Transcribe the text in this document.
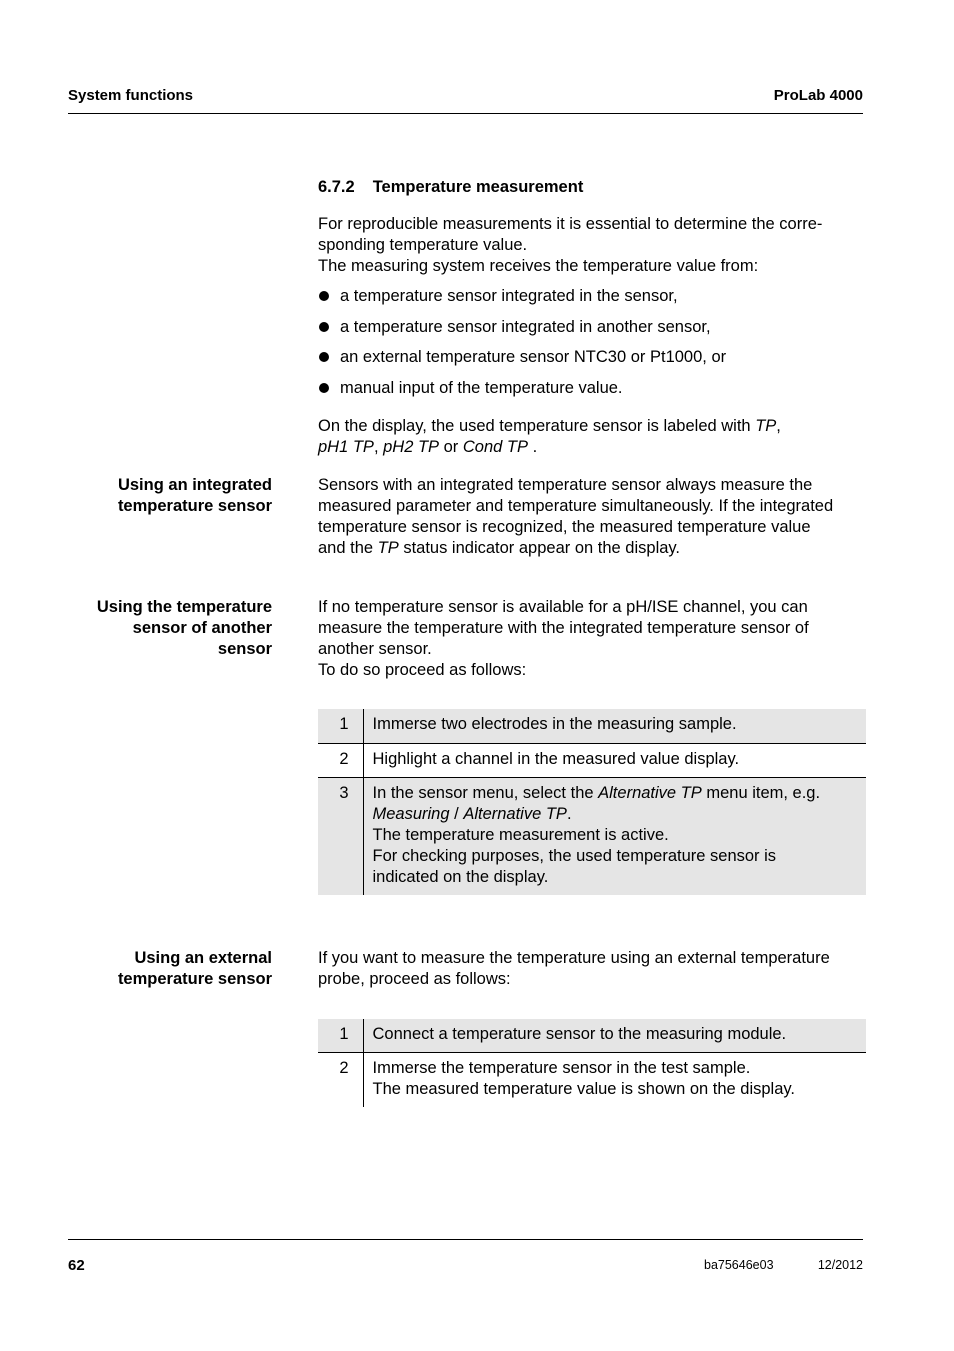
System functions	ProLab 4000
6.7.2 Temperature measurement
For reproducible measurements it is essential to determine the corre-
sponding temperature value.
The measuring system receives the temperature value from:
a temperature sensor integrated in the sensor,
a temperature sensor integrated in another sensor,
an external temperature sensor NTC30 or Pt1000, or
manual input of the temperature value.
On the display, the used temperature sensor is labeled with TP,
pH1 TP, pH2 TP or Cond TP .
Using an integrated
temperature sensor
Sensors with an integrated temperature sensor always measure the
measured parameter and temperature simultaneously. If the integrated
temperature sensor is recognized, the measured temperature value
and the TP status indicator appear on the display.
Using the temperature
sensor of another
sensor
If no temperature sensor is available for a pH/ISE channel, you can
measure the temperature with the integrated temperature sensor of
another sensor.
To do so proceed as follows:
1	Immerse two electrodes in the measuring sample.
2	Highlight a channel in the measured value display.
3	In the sensor menu, select the Alternative TP menu item, e.g.
Measuring / Alternative TP.
The temperature measurement is active.
For checking purposes, the used temperature sensor is
indicated on the display.
Using an external
temperature sensor
If you want to measure the temperature using an external temperature
probe, proceed as follows:
1	Connect a temperature sensor to the measuring module.
2	Immerse the temperature sensor in the test sample.
The measured temperature value is shown on the display.
62	ba75646e03	12/2012
